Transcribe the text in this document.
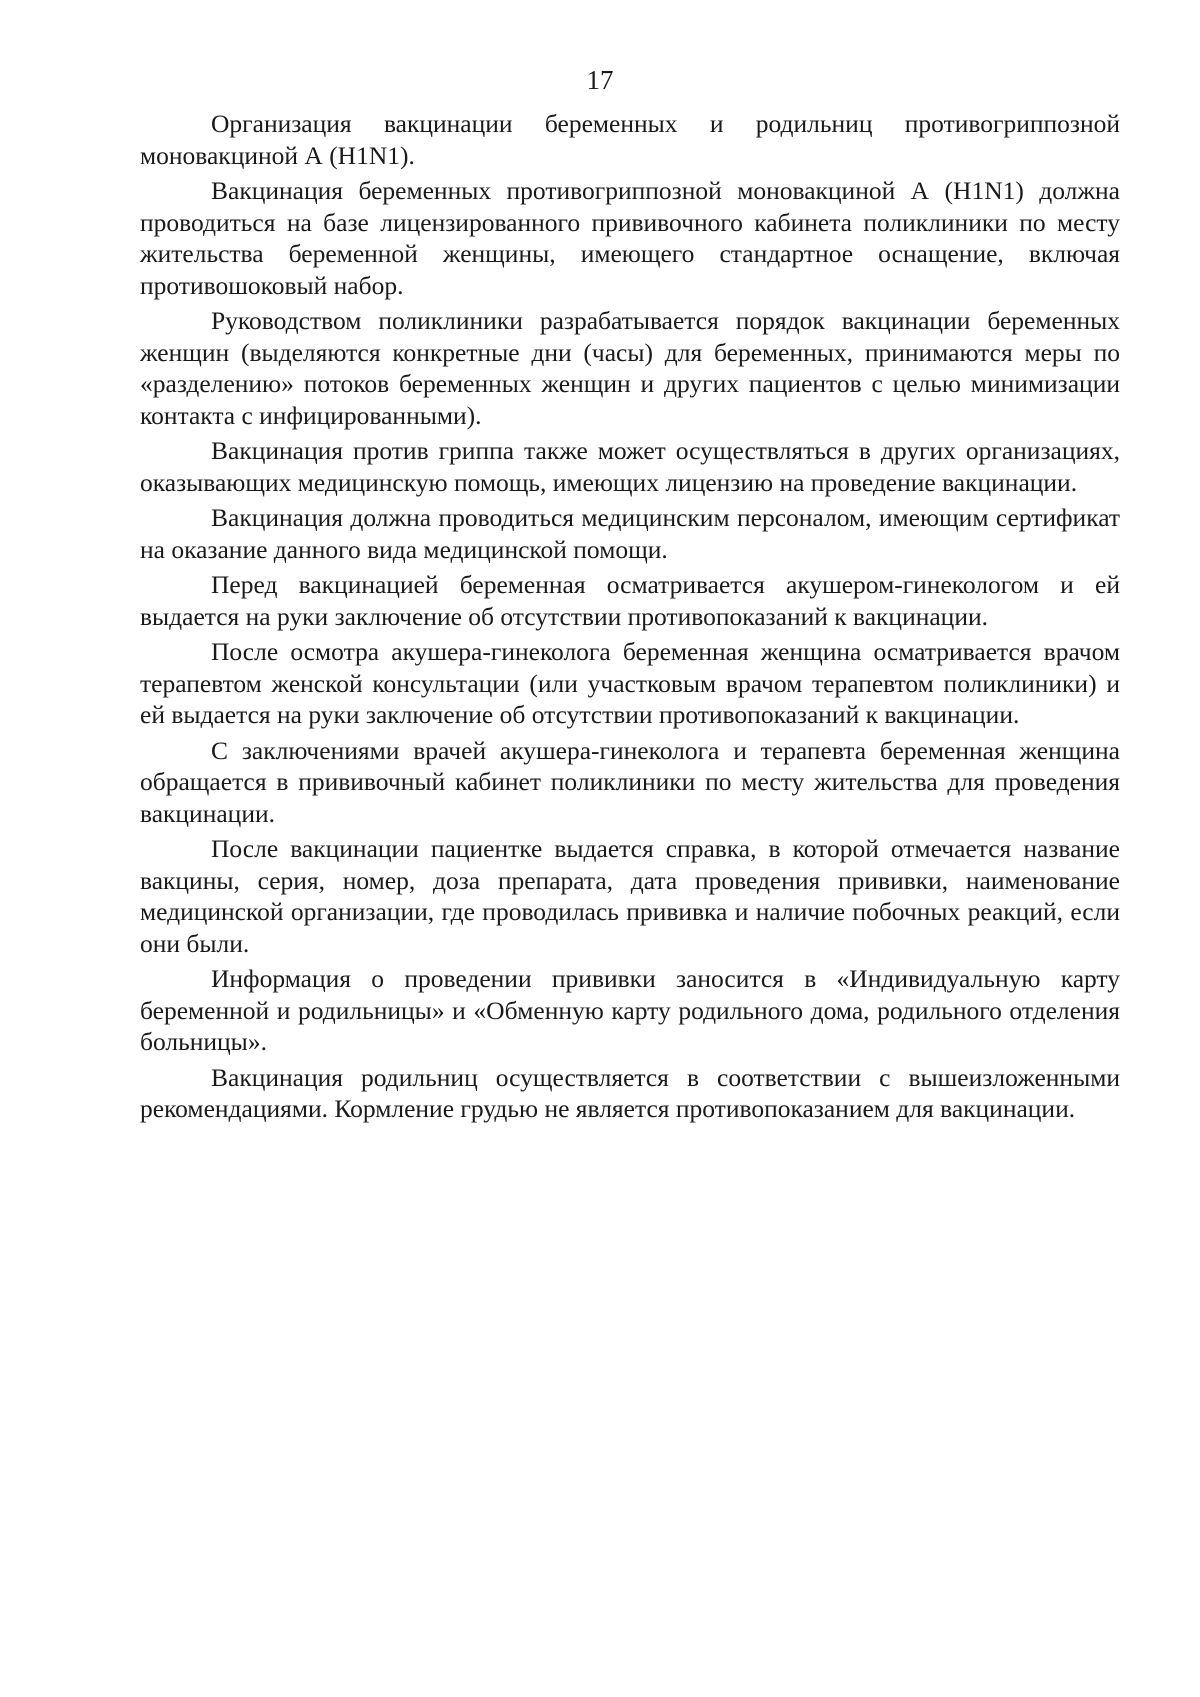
17

Организация вакцинации беременных и родильниц противогриппозной моновакциной А (H1N1).

Вакцинация беременных противогриппозной моновакциной А (H1N1) должна проводиться на базе лицензированного прививочного кабинета поликлиники по месту жительства беременной женщины, имеющего стандартное оснащение, включая противошоковый набор.

Руководством поликлиники разрабатывается порядок вакцинации беременных женщин (выделяются конкретные дни (часы) для беременных, принимаются меры по «разделению» потоков беременных женщин и других пациентов с целью минимизации контакта с инфицированными).

Вакцинация против гриппа также может осуществляться в других организациях, оказывающих медицинскую помощь, имеющих лицензию на проведение вакцинации.

Вакцинация должна проводиться медицинским персоналом, имеющим сертификат на оказание данного вида медицинской помощи.

Перед вакцинацией беременная осматривается акушером-гинекологом и ей выдается на руки заключение об отсутствии противопоказаний к вакцинации.

После осмотра акушера-гинеколога беременная женщина осматривается врачом терапевтом женской консультации (или участковым врачом терапевтом поликлиники) и ей выдается на руки заключение об отсутствии противопоказаний к вакцинации.

С заключениями врачей акушера-гинеколога и терапевта беременная женщина обращается в прививочный кабинет поликлиники по месту жительства для проведения вакцинации.

После вакцинации пациентке выдается справка, в которой отмечается название вакцины, серия, номер, доза препарата, дата проведения прививки, наименование медицинской организации, где проводилась прививка и наличие побочных реакций, если они были.

Информация о проведении прививки заносится в «Индивидуальную карту беременной и родильницы» и «Обменную карту родильного дома, родильного отделения больницы».

Вакцинация родильниц осуществляется в соответствии с вышеизложенными рекомендациями. Кормление грудью не является противопоказанием для вакцинации.
